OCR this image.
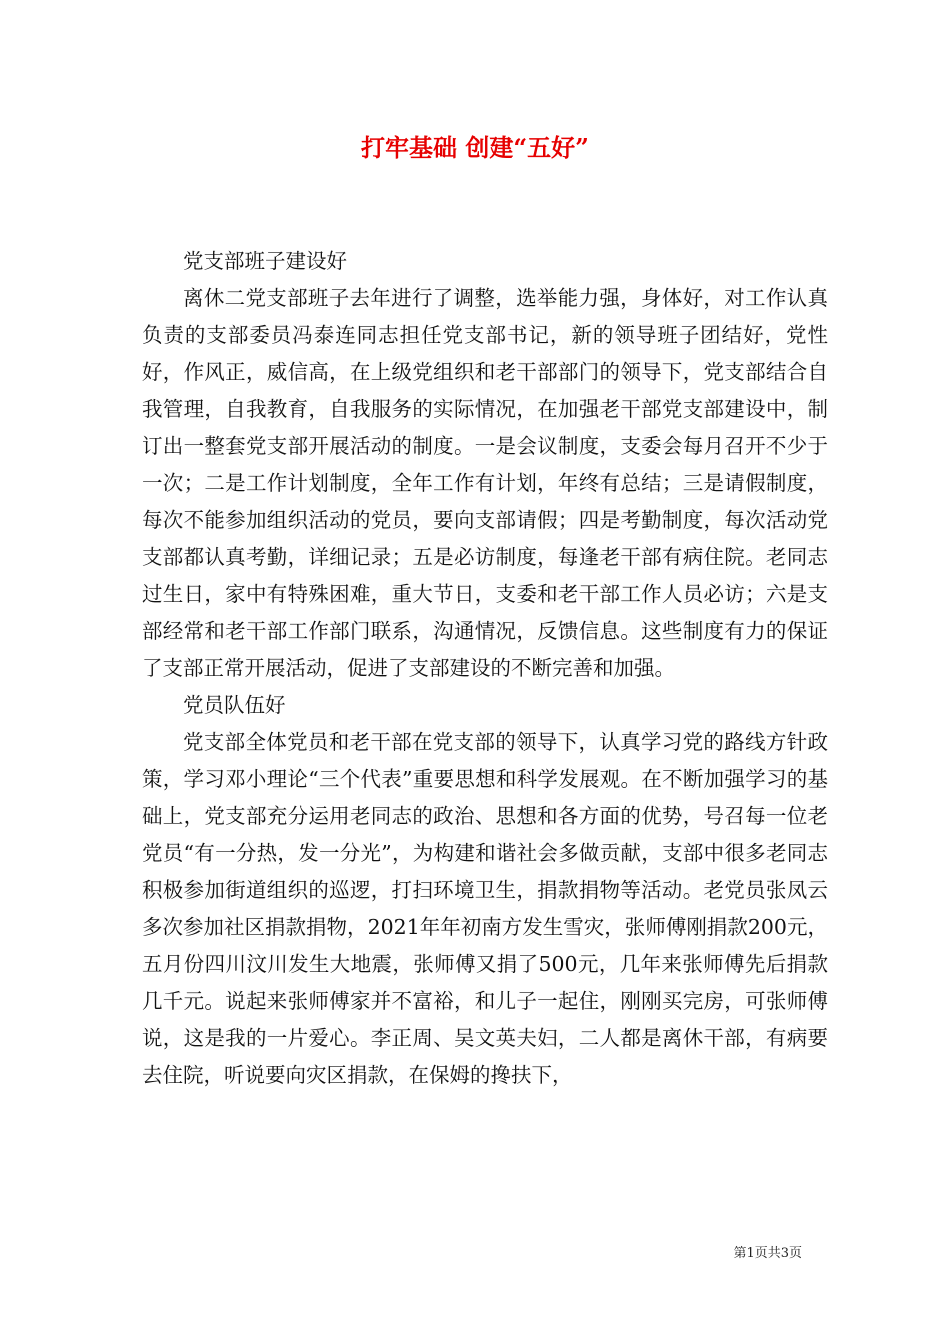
打牢基础 创建“五好”

党支部班子建设好

离休二党支部班子去年进行了调整，选举能力强，身体好，对工作认真负责的支部委员冯泰连同志担任党支部书记，新的领导班子团结好，党性好，作风正，威信高，在上级党组织和老干部部门的领导下，党支部结合自我管理，自我教育，自我服务的实际情况，在加强老干部党支部建设中，制订出一整套党支部开展活动的制度。一是会议制度，支委会每月召开不少于一次；二是工作计划制度，全年工作有计划，年终有总结；三是请假制度，每次不能参加组织活动的党员，要向支部请假；四是考勤制度，每次活动党支部都认真考勤，详细记录；五是必访制度，每逢老干部有病住院。老同志过生日，家中有特殊困难，重大节日，支委和老干部工作人员必访；六是支部经常和老干部工作部门联系，沟通情况，反馈信息。这些制度有力的保证了支部正常开展活动，促进了支部建设的不断完善和加强。

党员队伍好

党支部全体党员和老干部在党支部的领导下，认真学习党的路线方针政策，学习邓小理论“三个代表”重要思想和科学发展观。在不断加强学习的基础上，党支部充分运用老同志的政治、思想和各方面的优势，号召每一位老党员“有一分热，发一分光”，为构建和谐社会多做贡献，支部中很多老同志积极参加街道组织的巡逻，打扫环境卫生，捐款捐物等活动。老党员张凤云多次参加社区捐款捐物，2021年年初南方发生雪灾，张师傅刚捐款200元，五月份四川汶川发生大地震，张师傅又捐了500元，几年来张师傅先后捐款几千元。说起来张师傅家并不富裕，和儿子一起住，刚刚买完房，可张师傅说，这是我的一片爱心。李正周、吴文英夫妇，二人都是离休干部，有病要去住院，听说要向灾区捐款，在保姆的搀扶下，

第1页共3页
